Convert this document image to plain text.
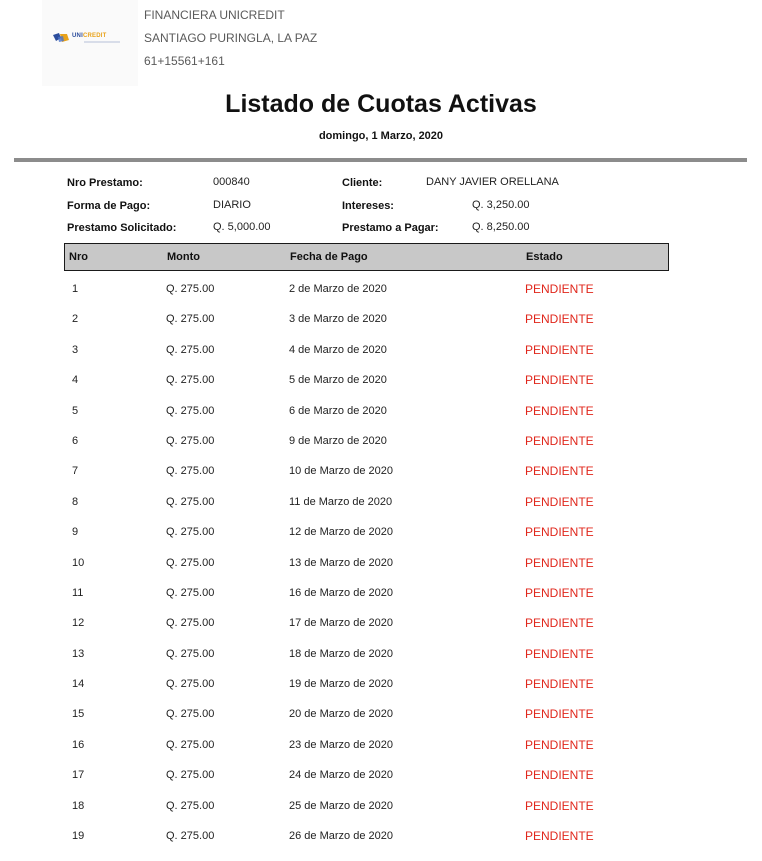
UNICREDIT
FINANCIERA UNICREDIT
SANTIAGO PURINGLA, LA PAZ
61+15561+161
Listado de Cuotas Activas
domingo, 1 Marzo, 2020
Nro Prestamo:	000840
Forma de Pago:	DIARIO
Prestamo Solicitado:	Q. 5,000.00
Cliente:	DANY JAVIER ORELLANA
Intereses:	Q. 3,250.00
Prestamo a Pagar:	Q. 8,250.00
Nro	Monto	Fecha de Pago	Estado
1	Q. 275.00	2 de Marzo de 2020	PENDIENTE
2	Q. 275.00	3 de Marzo de 2020	PENDIENTE
3	Q. 275.00	4 de Marzo de 2020	PENDIENTE
4	Q. 275.00	5 de Marzo de 2020	PENDIENTE
5	Q. 275.00	6 de Marzo de 2020	PENDIENTE
6	Q. 275.00	9 de Marzo de 2020	PENDIENTE
7	Q. 275.00	10 de Marzo de 2020	PENDIENTE
8	Q. 275.00	11 de Marzo de 2020	PENDIENTE
9	Q. 275.00	12 de Marzo de 2020	PENDIENTE
10	Q. 275.00	13 de Marzo de 2020	PENDIENTE
11	Q. 275.00	16 de Marzo de 2020	PENDIENTE
12	Q. 275.00	17 de Marzo de 2020	PENDIENTE
13	Q. 275.00	18 de Marzo de 2020	PENDIENTE
14	Q. 275.00	19 de Marzo de 2020	PENDIENTE
15	Q. 275.00	20 de Marzo de 2020	PENDIENTE
16	Q. 275.00	23 de Marzo de 2020	PENDIENTE
17	Q. 275.00	24 de Marzo de 2020	PENDIENTE
18	Q. 275.00	25 de Marzo de 2020	PENDIENTE
19	Q. 275.00	26 de Marzo de 2020	PENDIENTE
